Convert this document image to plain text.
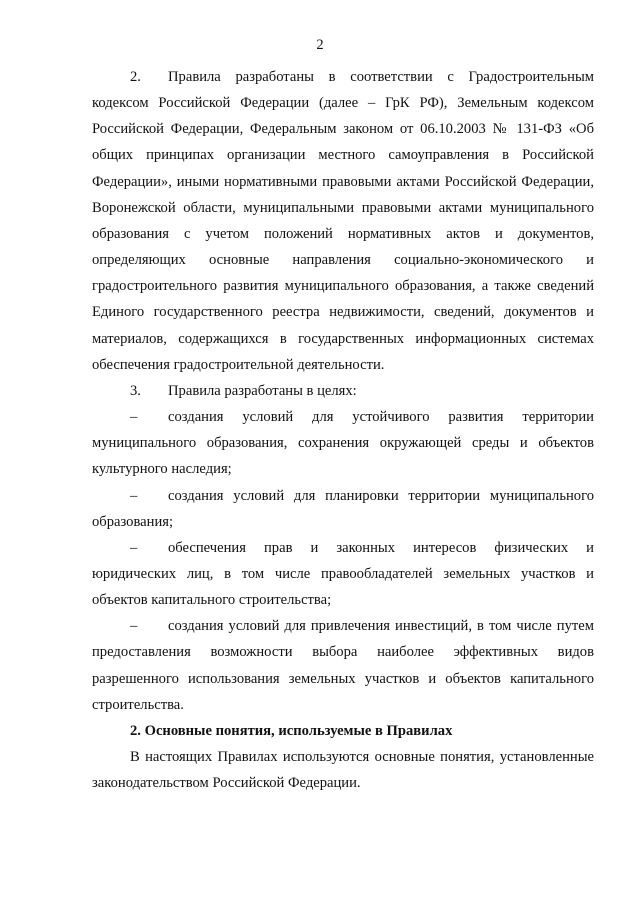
2

2. Правила разработаны в соответствии с Градостроительным кодексом Российской Федерации (далее – ГрК РФ), Земельным кодексом Российской Федерации, Федеральным законом от 06.10.2003 № 131-ФЗ «Об общих принципах организации местного самоуправления в Российской Федерации», иными нормативными правовыми актами Российской Федерации, Воронежской области, муниципальными правовыми актами муниципального образования с учетом положений нормативных актов и документов, определяющих основные направления социально-экономического и градостроительного развития муниципального образования, а также сведений Единого государственного реестра недвижимости, сведений, документов и материалов, содержащихся в государственных информационных системах обеспечения градостроительной деятельности.

3. Правила разработаны в целях:

– создания условий для устойчивого развития территории муниципального образования, сохранения окружающей среды и объектов культурного наследия;

– создания условий для планировки территории муниципального образования;

– обеспечения прав и законных интересов физических и юридических лиц, в том числе правообладателей земельных участков и объектов капитального строительства;

– создания условий для привлечения инвестиций, в том числе путем предоставления возможности выбора наиболее эффективных видов разрешенного использования земельных участков и объектов капитального строительства.

2. Основные понятия, используемые в Правилах

В настоящих Правилах используются основные понятия, установленные законодательством Российской Федерации.
